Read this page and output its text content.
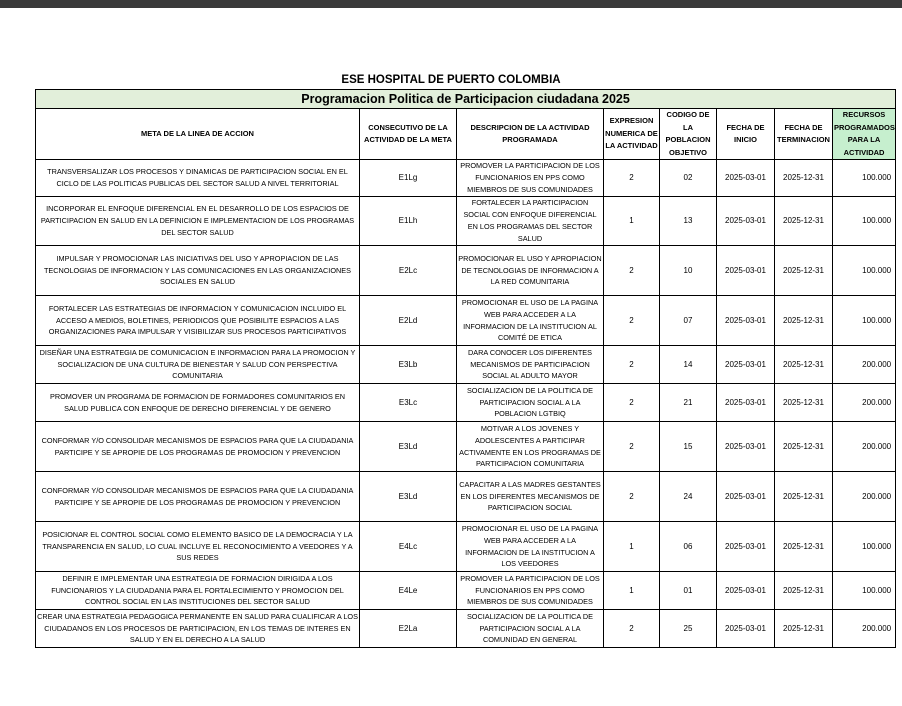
ESE HOSPITAL DE PUERTO COLOMBIA
Programacion Politica de Participacion ciudadana 2025							
META DE LA LINEA DE ACCION	CONSECUTIVO DE LA ACTIVIDAD DE LA META	DESCRIPCION DE LA ACTIVIDAD PROGRAMADA	EXPRESION NUMERICA DE LA ACTIVIDAD	CODIGO DE LA POBLACION OBJETIVO	FECHA DE INICIO	FECHA DE TERMINACION	RECURSOS PROGRAMADOS PARA LA ACTIVIDAD
TRANSVERSALIZAR LOS PROCESOS Y DINAMICAS DE PARTICIPACION SOCIAL EN EL CICLO DE LAS POLITICAS PUBLICAS DEL SECTOR SALUD A NIVEL TERRITORIAL	E1Lg	PROMOVER LA PARTICIPACION DE LOS FUNCIONARIOS EN PPS COMO MIEMBROS DE SUS COMUNIDADES	2	02	2025-03-01	2025-12-31	100.000
INCORPORAR EL ENFOQUE DIFERENCIAL EN EL DESARROLLO DE LOS ESPACIOS DE PARTICIPACION EN SALUD EN LA DEFINICION E IMPLEMENTACION DE LOS PROGRAMAS DEL SECTOR SALUD	E1Lh	FORTALECER LA PARTICIPACION SOCIAL CON ENFOQUE DIFERENCIAL EN LOS PROGRAMAS DEL SECTOR SALUD	1	13	2025-03-01	2025-12-31	100.000
IMPULSAR Y PROMOCIONAR LAS INICIATIVAS DEL USO Y APROPIACION DE LAS TECNOLOGIAS DE INFORMACION Y LAS COMUNICACIONES EN LAS ORGANIZACIONES SOCIALES EN SALUD	E2Lc	PROMOCIONAR EL USO Y APROPIACION DE TECNOLOGIAS DE INFORMACION A LA RED COMUNITARIA	2	10	2025-03-01	2025-12-31	100.000
FORTALECER LAS ESTRATEGIAS DE INFORMACION Y COMUNICACION INCLUIDO EL ACCESO A MEDIOS, BOLETINES, PERIODICOS QUE POSIBILITE ESPACIOS A LAS ORGANIZACIONES PARA IMPULSAR Y VISIBILIZAR SUS PROCESOS PARTICIPATIVOS	E2Ld	PROMOCIONAR EL USO DE LA PAGINA WEB PARA ACCEDER A LA INFORMACION DE LA INSTITUCION AL COMITÉ DE ETICA	2	07	2025-03-01	2025-12-31	100.000
DISEÑAR UNA ESTRATEGIA DE COMUNICACION E INFORMACION PARA LA PROMOCION Y SOCIALIZACION DE UNA CULTURA DE BIENESTAR Y SALUD CON PERSPECTIVA COMUNITARIA	E3Lb	DARA CONOCER LOS DIFERENTES MECANISMOS DE PARTICIPACION SOCIAL AL ADULTO MAYOR	2	14	2025-03-01	2025-12-31	200.000
PROMOVER UN PROGRAMA DE FORMACION DE FORMADORES COMUNITARIOS EN SALUD PUBLICA CON ENFOQUE DE DERECHO DIFERENCIAL Y DE GENERO	E3Lc	SOCIALIZACION DE LA POLITICA DE PARTICIPACION SOCIAL A LA POBLACION LGTBIQ	2	21	2025-03-01	2025-12-31	200.000
CONFORMAR Y/O CONSOLIDAR MECANISMOS DE ESPACIOS PARA QUE LA CIUDADANIA PARTICIPE Y SE APROPIE DE LOS PROGRAMAS DE PROMOCION Y PREVENCION	E3Ld	MOTIVAR A LOS JOVENES Y ADOLESCENTES A PARTICIPAR ACTIVAMENTE EN LOS PROGRAMAS DE PARTICIPACION COMUNITARIA	2	15	2025-03-01	2025-12-31	200.000
CONFORMAR Y/O CONSOLIDAR MECANISMOS DE ESPACIOS PARA QUE LA CIUDADANIA PARTICIPE Y SE APROPIE DE LOS PROGRAMAS DE PROMOCION Y PREVENCION	E3Ld	CAPACITAR A LAS MADRES GESTANTES EN LOS DIFERENTES MECANISMOS DE PARTICIPACION SOCIAL	2	24	2025-03-01	2025-12-31	200.000
POSICIONAR EL CONTROL SOCIAL COMO ELEMENTO BASICO DE LA DEMOCRACIA Y LA TRANSPARENCIA EN SALUD, LO CUAL INCLUYE EL RECONOCIMIENTO A VEEDORES Y A SUS REDES	E4Lc	PROMOCIONAR EL USO DE LA PAGINA WEB PARA ACCEDER A LA INFORMACION DE LA INSTITUCION A LOS VEEDORES	1	06	2025-03-01	2025-12-31	100.000
DEFINIR E IMPLEMENTAR UNA ESTRATEGIA DE FORMACION DIRIGIDA A LOS FUNCIONARIOS Y LA CIUDADANIA PARA EL FORTALECIMIENTO Y PROMOCION DEL CONTROL SOCIAL EN LAS INSTITUCIONES DEL SECTOR SALUD	E4Le	PROMOVER LA PARTICIPACION DE LOS FUNCIONARIOS EN PPS COMO MIEMBROS DE SUS COMUNIDADES	1	01	2025-03-01	2025-12-31	100.000
CREAR UNA ESTRATEGIA PEDAGOGICA PERMANENTE EN SALUD PARA CUALIFICAR A LOS CIUDADANOS EN LOS PROCESOS DE PARTICIPACION, EN LOS TEMAS DE INTERES EN SALUD Y EN EL DERECHO A LA SALUD	E2La	SOCIALIZACION DE LA POLITICA DE PARTICIPACION SOCIAL A LA COMUNIDAD EN GENERAL	2	25	2025-03-01	2025-12-31	200.000
